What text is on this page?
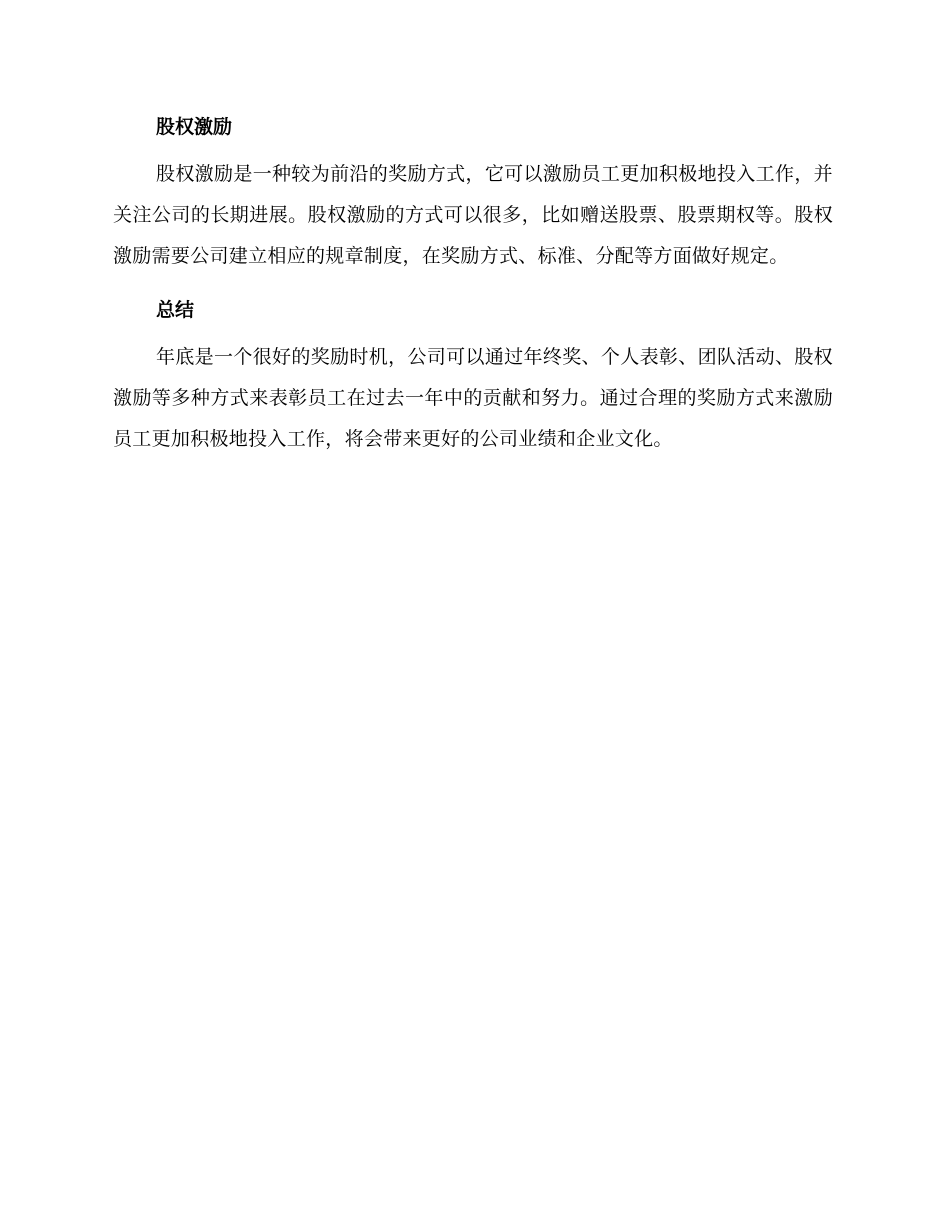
股权激励

股权激励是一种较为前沿的奖励方式，它可以激励员工更加积极地投入工作，并关注公司的长期进展。股权激励的方式可以很多，比如赠送股票、股票期权等。股权激励需要公司建立相应的规章制度，在奖励方式、标准、分配等方面做好规定。

总结

年底是一个很好的奖励时机，公司可以通过年终奖、个人表彰、团队活动、股权激励等多种方式来表彰员工在过去一年中的贡献和努力。通过合理的奖励方式来激励员工更加积极地投入工作，将会带来更好的公司业绩和企业文化。
